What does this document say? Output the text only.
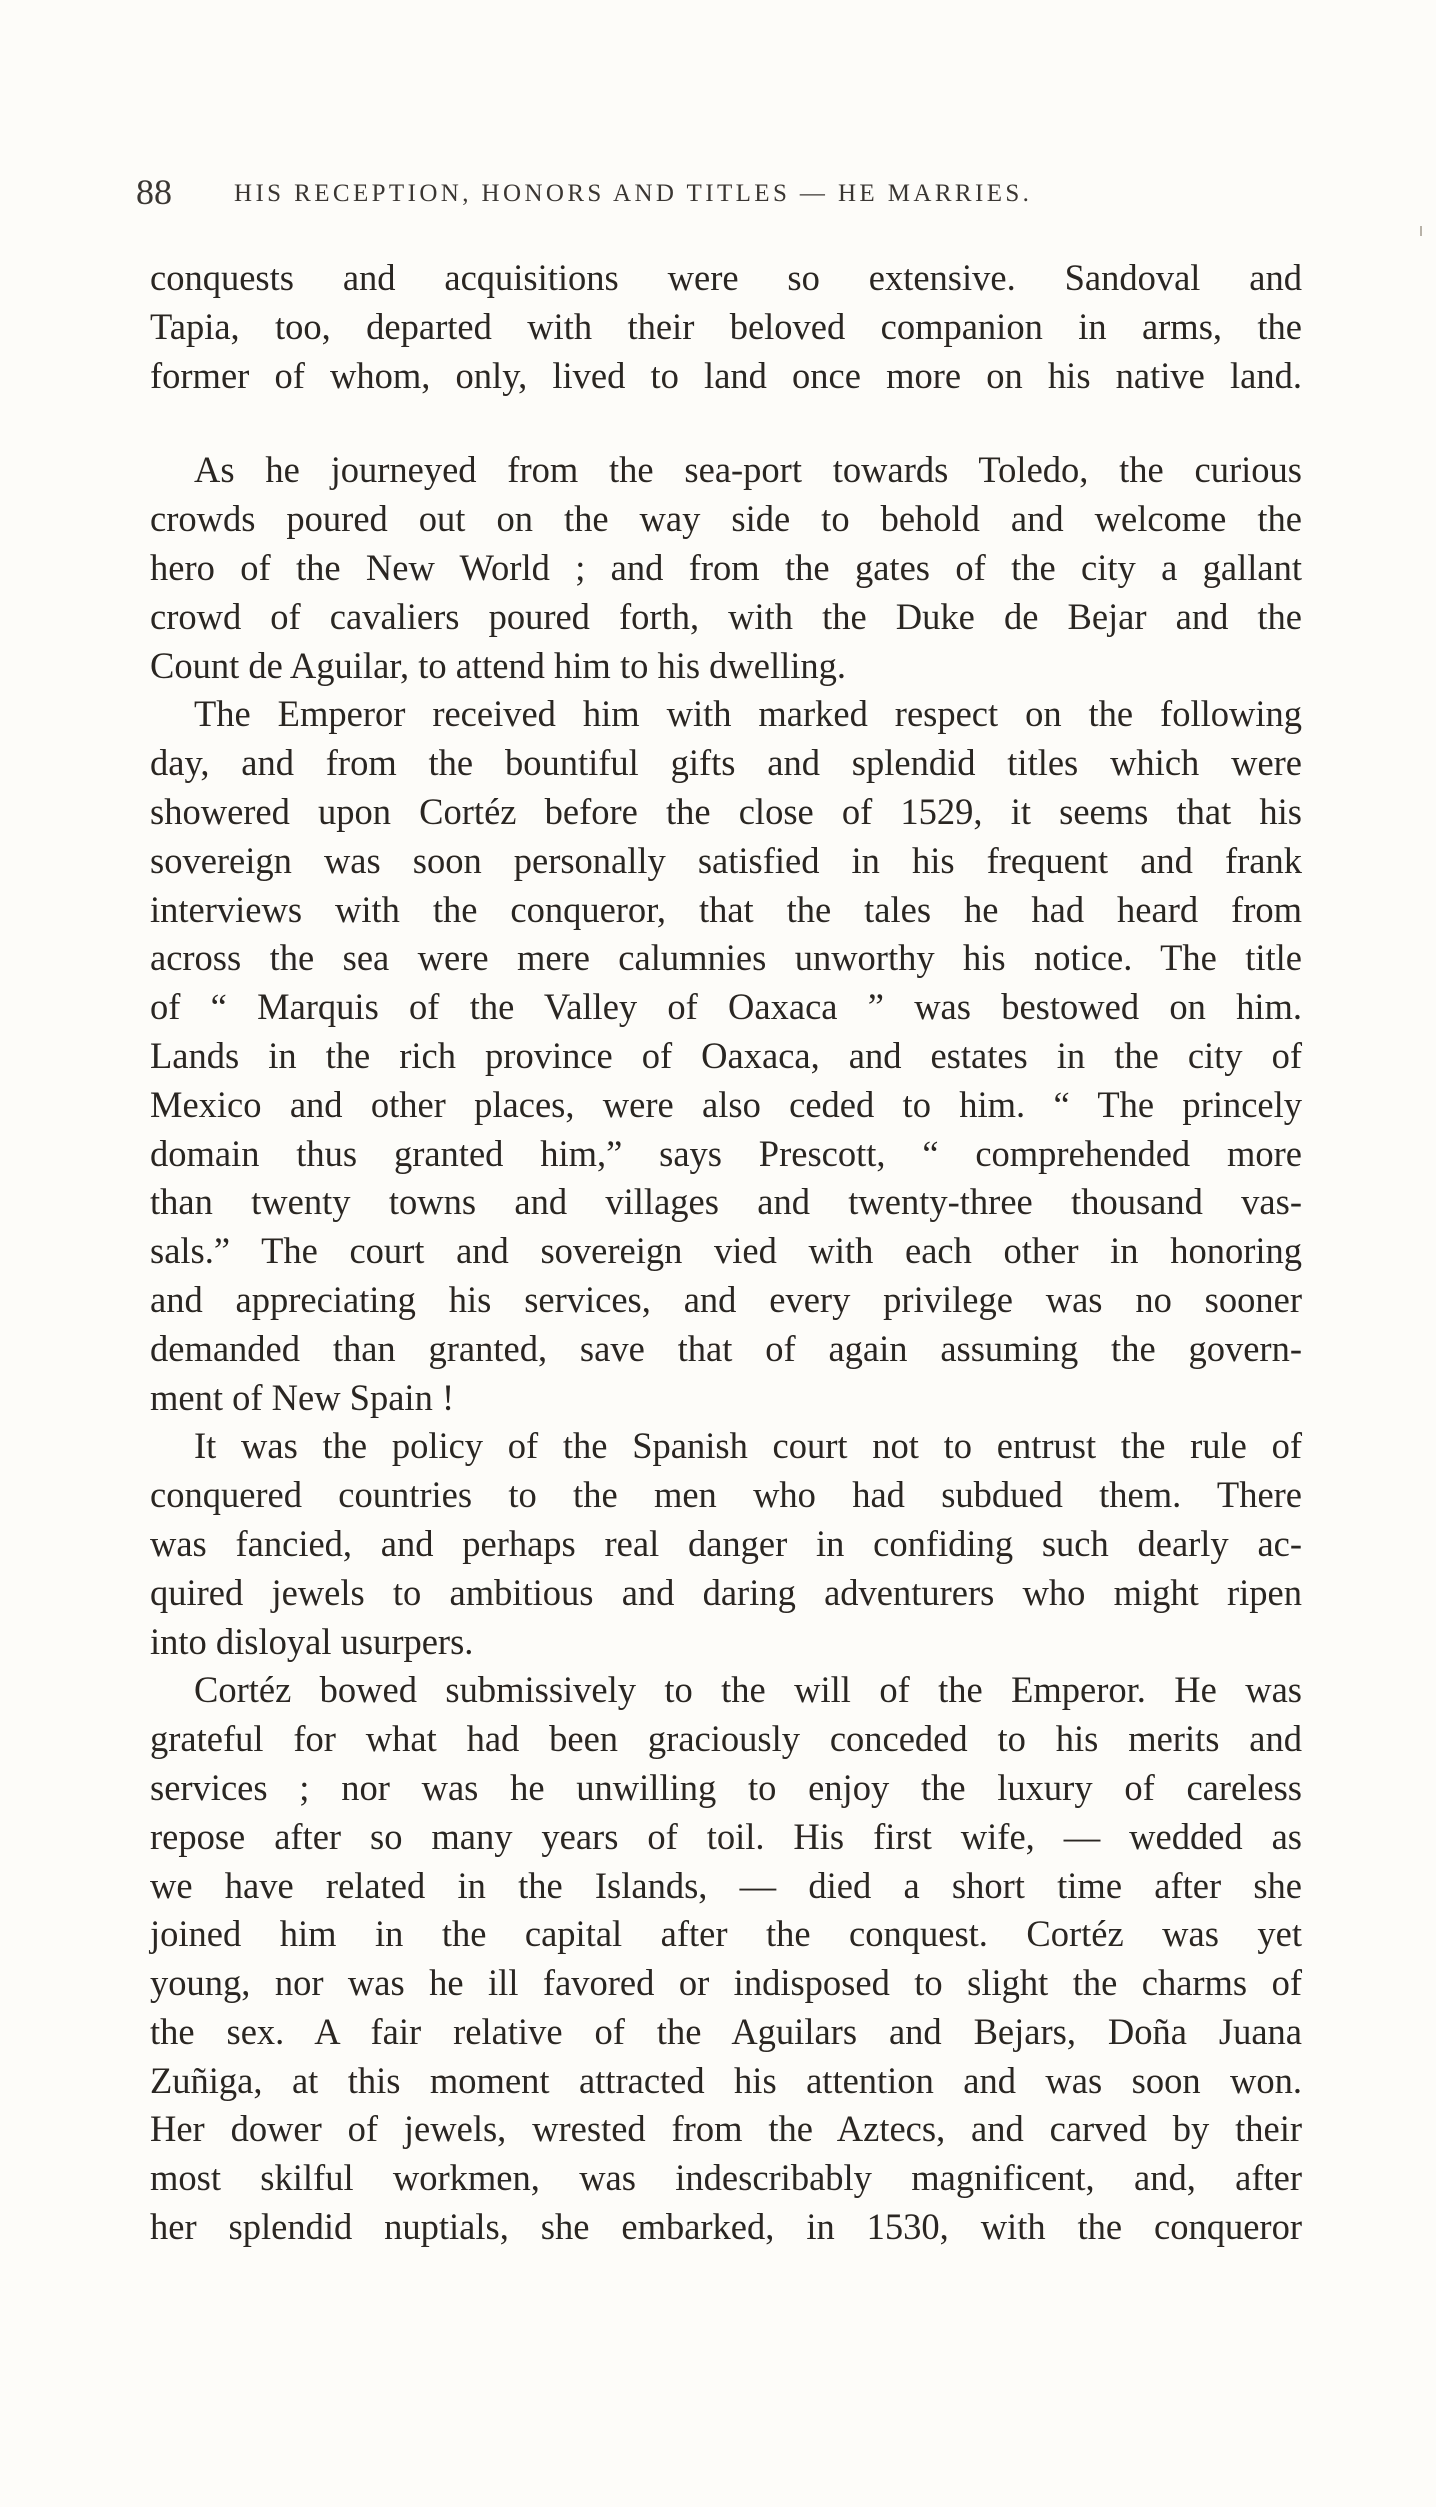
88 HIS RECEPTION, HONORS AND TITLES — HE MARRIES.
conquests and acquisitions were so extensive. Sandoval and
Tapia, too, departed with their beloved companion in arms, the
former of whom, only, lived to land once more on his native land.
As he journeyed from the sea-port towards Toledo, the curious
crowds poured out on the way side to behold and welcome the
hero of the New World ; and from the gates of the city a gallant
crowd of cavaliers poured forth, with the Duke de Bejar and the
Count de Aguilar, to attend him to his dwelling.
The Emperor received him with marked respect on the following
day, and from the bountiful gifts and splendid titles which were
showered upon Cortéz before the close of 1529, it seems that his
sovereign was soon personally satisfied in his frequent and frank
interviews with the conqueror, that the tales he had heard from
across the sea were mere calumnies unworthy his notice. The title
of “ Marquis of the Valley of Oaxaca ” was bestowed on him.
Lands in the rich province of Oaxaca, and estates in the city of
Mexico and other places, were also ceded to him. “ The princely
domain thus granted him,” says Prescott, “ comprehended more
than twenty towns and villages and twenty-three thousand vas-
sals.” The court and sovereign vied with each other in honoring
and appreciating his services, and every privilege was no sooner
demanded than granted, save that of again assuming the govern-
ment of New Spain !
It was the policy of the Spanish court not to entrust the rule of
conquered countries to the men who had subdued them. There
was fancied, and perhaps real danger in confiding such dearly ac-
quired jewels to ambitious and daring adventurers who might ripen
into disloyal usurpers.
Cortéz bowed submissively to the will of the Emperor. He was
grateful for what had been graciously conceded to his merits and
services ; nor was he unwilling to enjoy the luxury of careless
repose after so many years of toil. His first wife, — wedded as
we have related in the Islands, — died a short time after she
joined him in the capital after the conquest. Cortéz was yet
young, nor was he ill favored or indisposed to slight the charms of
the sex. A fair relative of the Aguilars and Bejars, Doña Juana
Zuñiga, at this moment attracted his attention and was soon won.
Her dower of jewels, wrested from the Aztecs, and carved by their
most skilful workmen, was indescribably magnificent, and, after
her splendid nuptials, she embarked, in 1530, with the conqueror
